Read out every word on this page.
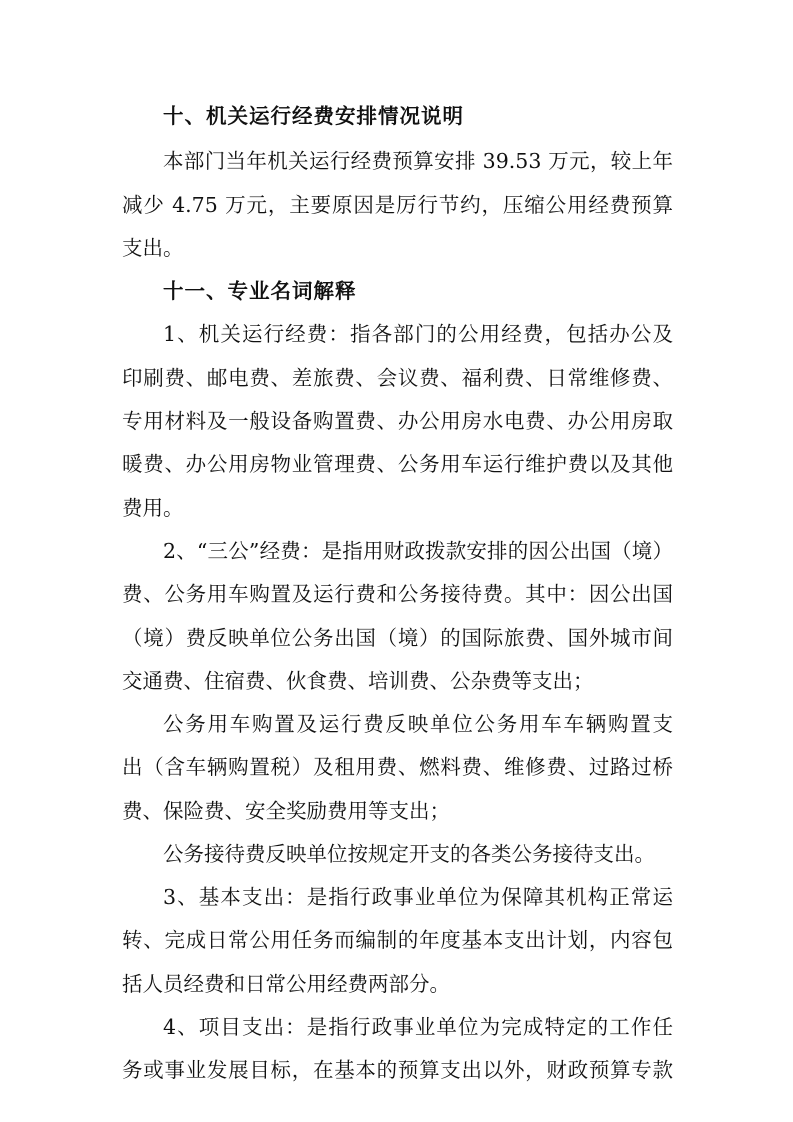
十、机关运行经费安排情况说明
本部门当年机关运行经费预算安排 39.53 万元，较上年
减少 4.75 万元，主要原因是厉行节约，压缩公用经费预算
支出。
十一、专业名词解释
1、机关运行经费：指各部门的公用经费，包括办公及
印刷费、邮电费、差旅费、会议费、福利费、日常维修费、
专用材料及一般设备购置费、办公用房水电费、办公用房取
暖费、办公用房物业管理费、公务用车运行维护费以及其他
费用。
2、“三公”经费：是指用财政拨款安排的因公出国（境）
费、公务用车购置及运行费和公务接待费。其中：因公出国
（境）费反映单位公务出国（境）的国际旅费、国外城市间
交通费、住宿费、伙食费、培训费、公杂费等支出；
公务用车购置及运行费反映单位公务用车车辆购置支
出（含车辆购置税）及租用费、燃料费、维修费、过路过桥
费、保险费、安全奖励费用等支出；
公务接待费反映单位按规定开支的各类公务接待支出。
3、基本支出：是指行政事业单位为保障其机构正常运
转、完成日常公用任务而编制的年度基本支出计划，内容包
括人员经费和日常公用经费两部分。
4、项目支出：是指行政事业单位为完成特定的工作任
务或事业发展目标，在基本的预算支出以外，财政预算专款
